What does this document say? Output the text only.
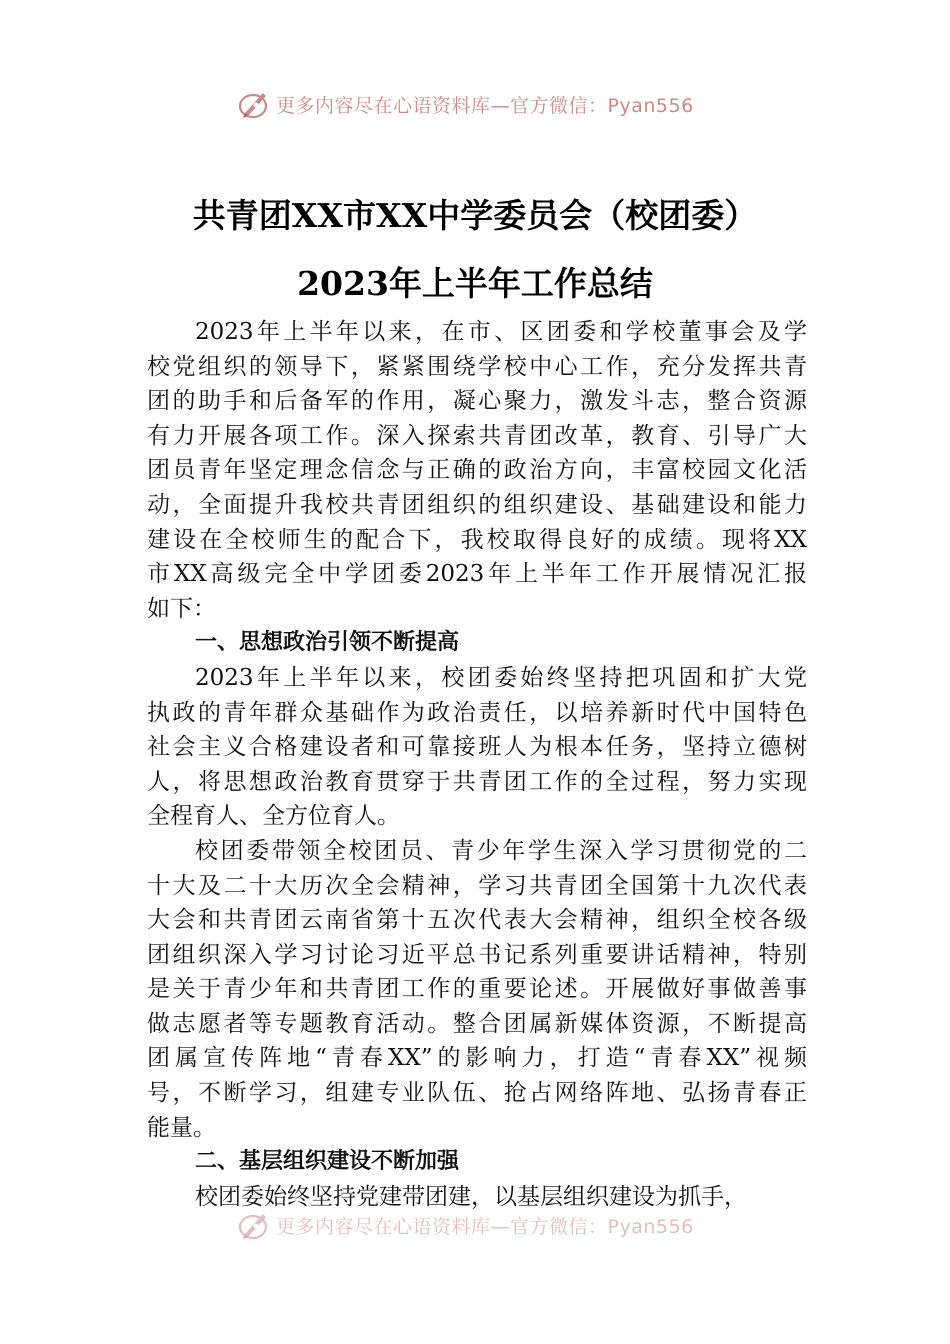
更多内容尽在心语资料库—官方微信：Pyan556
共青团XX市XX中学委员会（校团委）
2023年上半年工作总结
2023年上半年以来，在市、区团委和学校董事会及学
校党组织的领导下，紧紧围绕学校中心工作，充分发挥共青
团的助手和后备军的作用，凝心聚力，激发斗志，整合资源
有力开展各项工作。深入探索共青团改革，教育、引导广大
团员青年坚定理念信念与正确的政治方向，丰富校园文化活
动，全面提升我校共青团组织的组织建设、基础建设和能力
建设在全校师生的配合下，我校取得良好的成绩。现将XX
市XX高级完全中学团委2023年上半年工作开展情况汇报
如下：
一、思想政治引领不断提高
2023年上半年以来，校团委始终坚持把巩固和扩大党
执政的青年群众基础作为政治责任，以培养新时代中国特色
社会主义合格建设者和可靠接班人为根本任务，坚持立德树
人，将思想政治教育贯穿于共青团工作的全过程，努力实现
全程育人、全方位育人。
校团委带领全校团员、青少年学生深入学习贯彻党的二
十大及二十大历次全会精神，学习共青团全国第十九次代表
大会和共青团云南省第十五次代表大会精神，组织全校各级
团组织深入学习讨论习近平总书记系列重要讲话精神，特别
是关于青少年和共青团工作的重要论述。开展做好事做善事
做志愿者等专题教育活动。整合团属新媒体资源，不断提高
团属宣传阵地“青春XX”的影响力，打造“青春XX”视频
号，不断学习，组建专业队伍、抢占网络阵地、弘扬青春正
能量。
二、基层组织建设不断加强
校团委始终坚持党建带团建，以基层组织建设为抓手，
更多内容尽在心语资料库—官方微信：Pyan556
